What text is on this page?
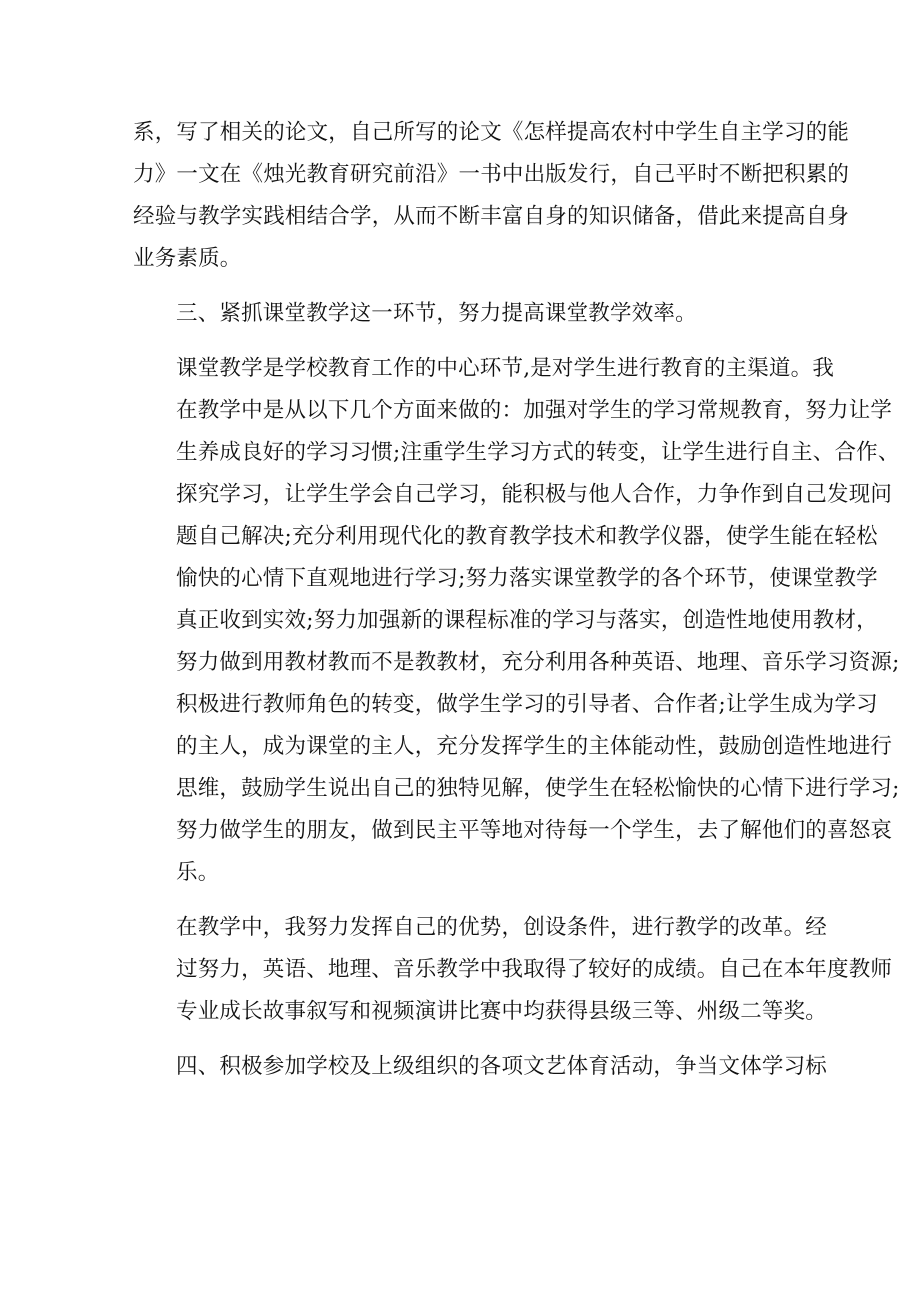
系，写了相关的论文，自己所写的论文《怎样提高农村中学生自主学习的能
力》一文在《烛光教育研究前沿》一书中出版发行，自己平时不断把积累的
经验与教学实践相结合学，从而不断丰富自身的知识储备，借此来提高自身
业务素质。

三、紧抓课堂教学这一环节，努力提高课堂教学效率。

课堂教学是学校教育工作的中心环节,是对学生进行教育的主渠道。我
在教学中是从以下几个方面来做的：加强对学生的学习常规教育，努力让学
生养成良好的学习习惯;注重学生学习方式的转变，让学生进行自主、合作、
探究学习，让学生学会自己学习，能积极与他人合作，力争作到自己发现问
题自己解决;充分利用现代化的教育教学技术和教学仪器，使学生能在轻松
愉快的心情下直观地进行学习;努力落实课堂教学的各个环节，使课堂教学
真正收到实效;努力加强新的课程标准的学习与落实，创造性地使用教材，
努力做到用教材教而不是教教材，充分利用各种英语、地理、音乐学习资源;
积极进行教师角色的转变，做学生学习的引导者、合作者;让学生成为学习
的主人，成为课堂的主人，充分发挥学生的主体能动性，鼓励创造性地进行
思维，鼓励学生说出自己的独特见解，使学生在轻松愉快的心情下进行学习;
努力做学生的朋友，做到民主平等地对待每一个学生，去了解他们的喜怒哀
乐。

在教学中，我努力发挥自己的优势，创设条件，进行教学的改革。经
过努力，英语、地理、音乐教学中我取得了较好的成绩。自己在本年度教师
专业成长故事叙写和视频演讲比赛中均获得县级三等、州级二等奖。

四、积极参加学校及上级组织的各项文艺体育活动，争当文体学习标
